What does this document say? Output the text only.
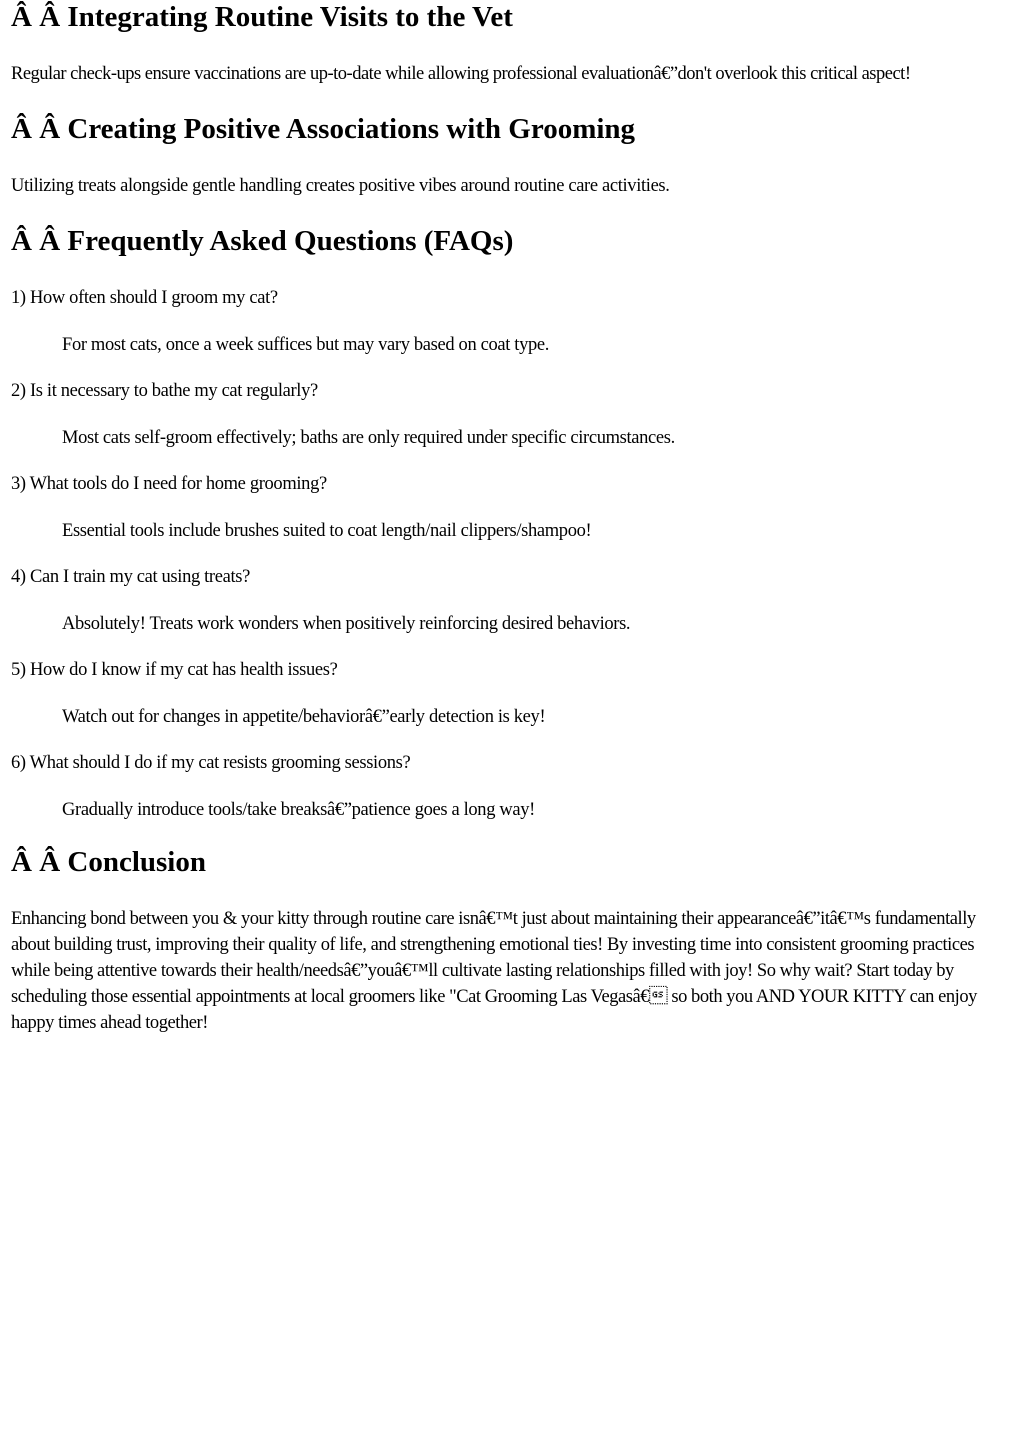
Â Â Integrating Routine Visits to the Vet

Regular check-ups ensure vaccinations are up-to-date while allowing professional evaluationâ€”don't overlook this critical aspect!

Â Â Creating Positive Associations with Grooming

Utilizing treats alongside gentle handling creates positive vibes around routine care activities.

Â Â Frequently Asked Questions (FAQs)

1) How often should I groom my cat?

For most cats, once a week suffices but may vary based on coat type.

2) Is it necessary to bathe my cat regularly?

Most cats self-groom effectively; baths are only required under specific circumstances.

3) What tools do I need for home grooming?

Essential tools include brushes suited to coat length/nail clippers/shampoo!

4) Can I train my cat using treats?

Absolutely! Treats work wonders when positively reinforcing desired behaviors.

5) How do I know if my cat has health issues?

Watch out for changes in appetite/behaviorâ€”early detection is key!

6) What should I do if my cat resists grooming sessions?

Gradually introduce tools/take breaksâ€”patience goes a long way!

Â Â Conclusion

Enhancing bond between you & your kitty through routine care isnâ€™t just about maintaining their appearanceâ€”itâ€™s fundamentally about building trust, improving their quality of life, and strengthening emotional ties! By investing time into consistent grooming practices while being attentive towards their health/needsâ€”youâ€™ll cultivate lasting relationships filled with joy! So why wait? Start today by scheduling those essential appointments at local groomers like "Cat Grooming Las Vegasâ€ so both you AND YOUR KITTY can enjoy happy times ahead together!
